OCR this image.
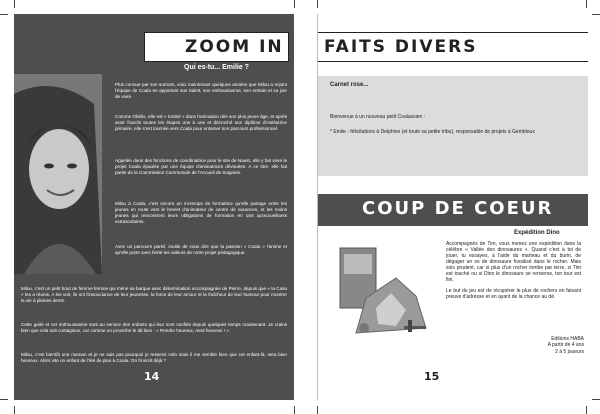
ZOOM IN
Qui es-tu... Emilie ?
Plus connue par son surnom, voici maintenant quelques années que Milou a rejoint l'équipe de Coala en apportant son talent, son enthousiasme, son entrain et sa joie de vivre.
Comme Obélix, elle est « tombé » dans l'animation dès son plus jeune âge, et après avoir franchi toutes les étapes une à une et décroché son diplôme d'institutrice primaire, elle s'est tournée vers Coala pour entamer son parcours professionnel.
Appelée dans des fonctions de coordinatrice pour le site de Naast, elle y fait vivre le projet Coala épaulée par une équipe d'animatrices dévouées. A ce titre, elle fait partie de la Commission Communale de l'Accueil de Soignies.
Milou à Coala, c'est encore un mi-temps de formatrice qu'elle partage entre les jeunes en route vers le brevet d'animateur de centre de vacances, et les moins jeunes qui rencontrent leurs obligations de formation en tant qu'accueillants extrascolaires.
Avec un parcours pareil, inutile de vous dire que la passion « Coala » l'anime et qu'elle porte avec fierté les valeurs de notre projet pédagogique.
Milou, c'est un petit bout de femme femme qui mène sa barque avec détermination accompagnée de Pierre, depuis que « la Casa » les a réunis. A les voir, ils ont l'insouciance de leur jeunesse, la force de leur amour et la fraîcheur de leur humour pour montrer la vie à pleines dents.
Cette gaité et cet enthousiasme sont au service des enfants qui leur sont confiés depuis quelques temps maintenant. Je crains bien que cela soit contagieux, car comme un proverbe le dit bien : « Rendre heureux, rend heureux ! ».
Milou, c'est bientôt une maman et je ne sais pas pourquoi je ressens cela mais il me semble bien que cet enfant-là, sera bien heureux. Alors vite un enfant de l'été de plus à Coala. On l'inscrit déjà ?
14
FAITS DIVERS
Carnet rose...
Bienvenue à un nouveau petit Coalassien :
* Emile - félicitations à Delphine (et toute sa petite tribu), responsable de projets à Gembloux
COUP DE COEUR
Expédition Dino
Accompagnés de Tim, vous menez une expédition dans la célèbre « Vallée des dinosaures ». Quand c'est à toi de jouer, tu essayes, à l'aide du marteau et du burin, de dégager un os de dinosaure fossilisé dans le rocher. Mais sois prudent, car si plus d'un rocher tombe par terre, si Tim est touché ou si Dino le dinosaure se renverse, ton tour est fini.
Le but du jeu est de récupérer le plus de rochers en faisant preuve d'adresse et en ayant de la chance au dé.
Editions HABA
A partir de 4 ans
2 à 5 joueurs
15
